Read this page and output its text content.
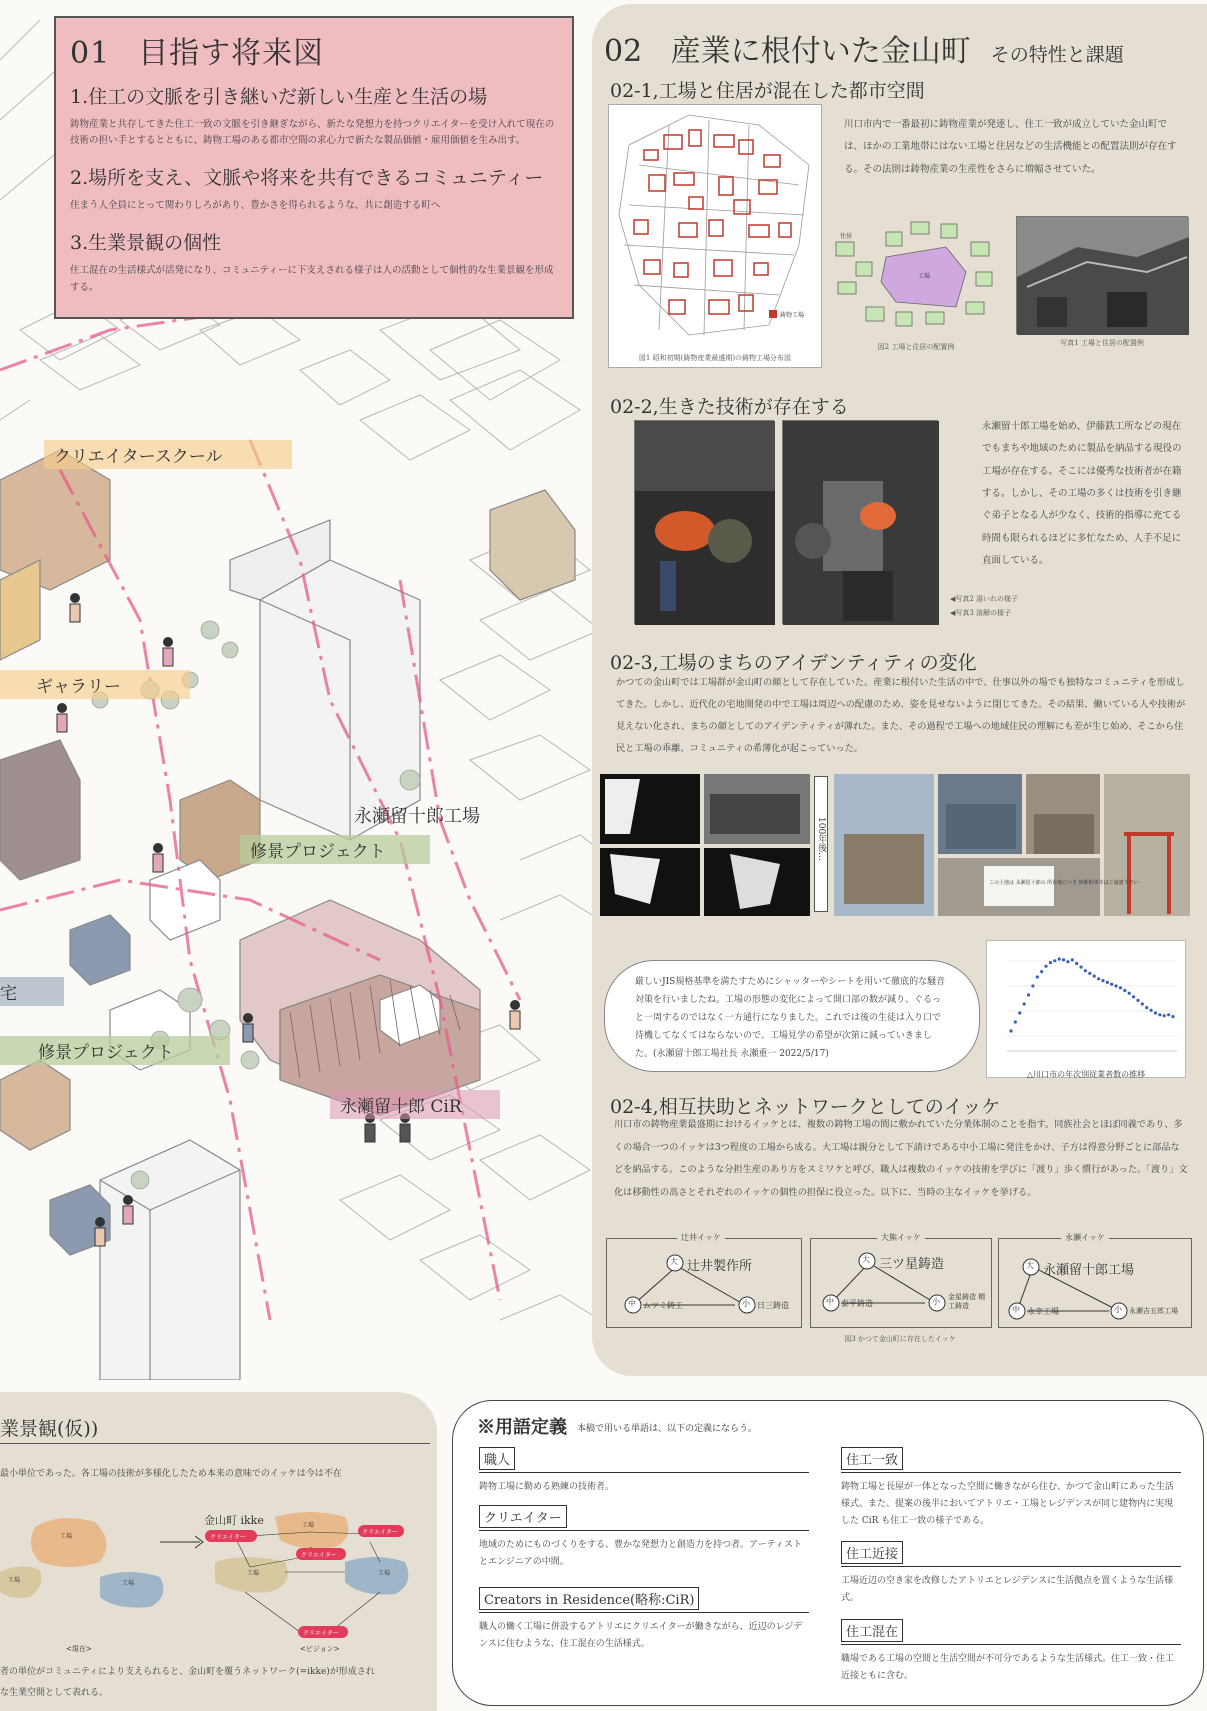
クリエイタースクール
ギャラリー
永瀬留十郎工場
修景プロジェクト
修景プロジェクト
永瀬留十郎 CiR
宅
01 目指す将来図
1.住工の文脈を引き継いだ新しい生産と生活の場
鋳物産業と共存してきた住工一致の文脈を引き継ぎながら、新たな発想力を持つクリエイターを受け入れて現在の技術の担い手とするとともに、鋳物工場のある都市空間の求心力で新たな製品価値・雇用価値を生み出す。
2.場所を支え、文脈や将来を共有できるコミュニティー
住まう人全員にとって関わりしろがあり、豊かさを得られるような、共に創造する町へ
3.生業景観の個性
住工混在の生活様式が活発になり、コミュニティーに下支えされる様子は人の活動として個性的な生業景観を形成する。
02 産業に根付いた金山町 その特性と課題
02-1,工場と住居が混在した都市空間
鋳物工場
図1 昭和初期(鋳物産業最盛期)の鋳物工場分布図
川口市内で一番最初に鋳物産業が発達し、住工一致が成立していた金山町では、ほかの工業地帯にはない工場と住居などの生活機能との配置法則が存在する。その法則は鋳物産業の生産性をさらに増幅させていた。
工場
住居
図2 工場と住居の配置例	写真1 工場と住居の配置例
02-2,生きた技術が存在する
永瀬留十郎工場を始め、伊藤鉄工所などの現在でもまちや地域のために製品を納品する現役の工場が存在する。そこには優秀な技術者が在籍する。しかし、その工場の多くは技術を引き継ぐ弟子となる人が少なく、技術的指導に充てる時間も限られるほどに多忙なため、人手不足に直面している。
◀写真2 湯いれの様子
◀写真3 溶解の様子
02-3,工場のまちのアイデンティティの変化
かつての金山町では工場群が金山町の顔として存在していた。産業に根付いた生活の中で、仕事以外の場でも独特なコミュニティを形成してきた。しかし、近代化の宅地開発の中で工場は周辺への配慮のため、姿を見せないように閉じてきた。その結果、働いている人や技術が見えない化され、まちの顔としてのアイデンティティが薄れた。また、その過程で工場への地域住民の理解にも差が生じ始め、そこから住民と工場の乖離、コミュニティの希薄化が起こっていった。
100年後…
この土地は 永瀬留十郎の 所有地につき 無断駐車等はご遠慮下さい
厳しいJIS規格基準を満たすためにシャッターやシートを用いて徹底的な騒音対策を行いましたね。工場の形態の変化によって開口部の数が減り、ぐるっと一周するのではなく一方通行になりました。これでは後の生徒は入り口で待機してなくてはならないので、工場見学の希望が次第に減っていきました。(永瀬留十郎工場社長 永瀬重一 2022/5/17)
△川口市の年次別従業者数の推移
02-4,相互扶助とネットワークとしてのイッケ
川口市の鋳物産業最盛期におけるイッケとは、複数の鋳物工場の間に敷かれていた分業体制のことを指す。同族社会とほぼ同義であり、多くの場合一つのイッケは3つ程度の工場から成る。大工場は親分として下請けである中小工場に発注をかけ、子方は得意分野ごとに部品などを納品する。このような分担生産のあり方をスミワケと呼び、職人は複数のイッケの技術を学びに「渡り」歩く慣行があった。「渡り」文化は移動性の高さとそれぞれのイッケの個性の担保に役立った。以下に、当時の主なイッケを挙げる。
辻井イッケ
大
中	小
辻井製作所
ムツミ鋳工	日三鋳造
大熊イッケ
大
中	小
三ツ星鋳造
泰平鋳造
金星鋳造 精工鋳造
永瀬イッケ
大
中	小
永瀬留十郎工場
永幸工場	永瀬吉五郎工場
図3 かつて金山町に存在したイッケ
業景観(仮))
最小単位であった。各工場の技術が多様化したため本来の意味でのイッケは今は不在
金山町 ikke
工場
工場	工場
工場
工場	工場
クリエイター
クリエイター
クリエイター
クリエイター
<現在>	<ビジョン>
者の単位がコミュニティにより支えられると、金山町を覆うネットワーク(=ikke)が形成され
な生業空間として表れる。
※用語定義 本稿で用いる単語は、以下の定義にならう。
職人
鋳物工場に勤める熟練の技術者。
クリエイター
地域のためにものづくりをする、豊かな発想力と創造力を持つ者。アーティストとエンジニアの中間。
Creators in Residence(略称:CiR)
職人の働く工場に併設するアトリエにクリエイターが働きながら、近辺のレジデンスに住むような、住工混在の生活様式。
住工一致
鋳物工場と長屋が一体となった空間に働きながら住む、かつて金山町にあった生活様式。また、提案の後半においてアトリエ・工場とレジデンスが同じ建物内に実現した CiR も住工一致の様子である。
住工近接
工場近辺の空き家を改修したアトリエとレジデンスに生活拠点を置くような生活様式。
住工混在
職場である工場の空間と生活空間が不可分であるような生活様式。住工一致・住工近接ともに含む。
